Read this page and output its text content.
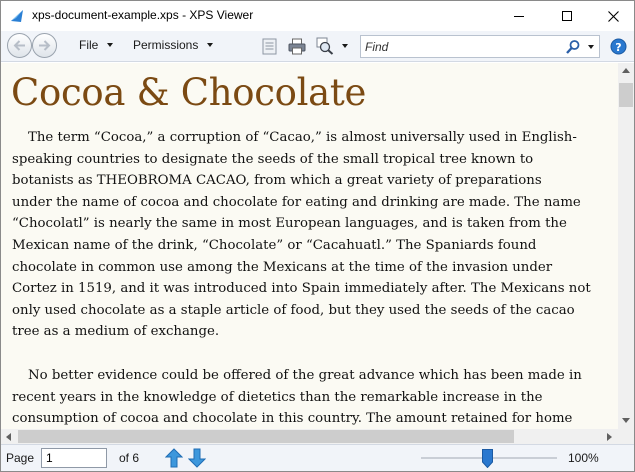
xps-document-example.xps - XPS Viewer
File	Permissions
Find	?
Cocoa & Chocolate
The term “Cocoa,” a corruption of “Cacao,” is almost universally used in English-
speaking countries to designate the seeds of the small tropical tree known to
botanists as THEOBROMA CACAO, from which a great variety of preparations
under the name of cocoa and chocolate for eating and drinking are made. The name
“Chocolatl” is nearly the same in most European languages, and is taken from the
Mexican name of the drink, “Chocolate” or “Cacahuatl.” The Spaniards found
chocolate in common use among the Mexicans at the time of the invasion under
Cortez in 1519, and it was introduced into Spain immediately after. The Mexicans not
only used chocolate as a staple article of food, but they used the seeds of the cacao
tree as a medium of exchange.
No better evidence could be offered of the great advance which has been made in
recent years in the knowledge of dietetics than the remarkable increase in the
consumption of cocoa and chocolate in this country. The amount retained for home
Page
1	of 6	100%
